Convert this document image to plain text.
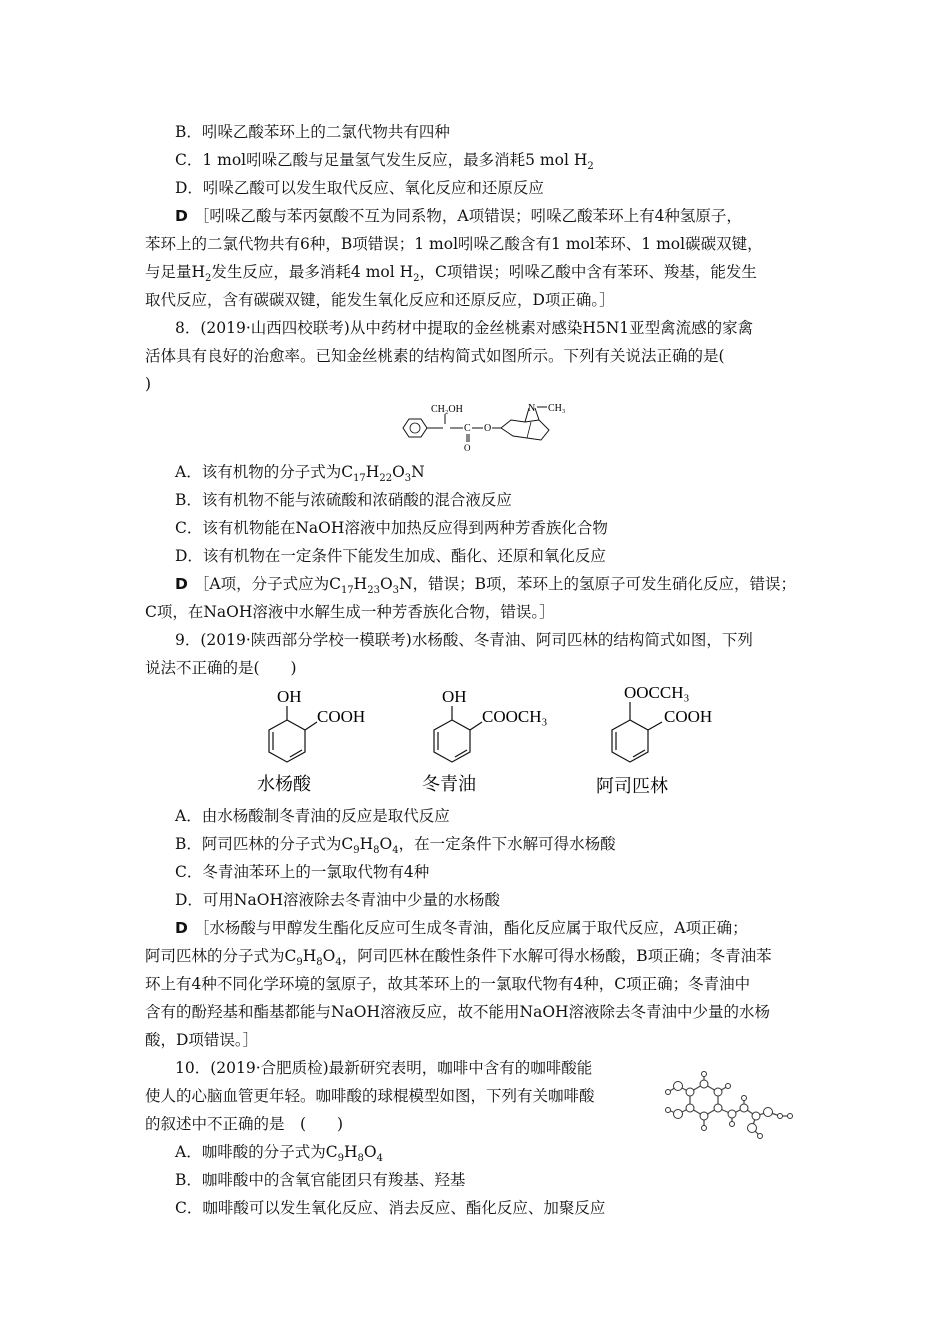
B．吲哚乙酸苯环上的二氯代物共有四种
C．1 mol吲哚乙酸与足量氢气发生反应，最多消耗5 mol $H_2$
D．吲哚乙酸可以发生取代反应、氧化反应和还原反应
D ［吲哚乙酸与苯丙氨酸不互为同系物，A项错误；吲哚乙酸苯环上有4种氢原子，
苯环上的二氯代物共有6种，B项错误；1 mol吲哚乙酸含有1 mol苯环、1 mol碳碳双键，
与足量$H_2$发生反应，最多消耗4 mol $H_2$，C项错误；吲哚乙酸中含有苯环、羧基，能发生
取代反应，含有碳碳双键，能发生氧化反应和还原反应，D项正确。］
8．(2019·山西四校联考)从中药材中提取的金丝桃素对感染H5N1亚型禽流感的家禽
活体具有良好的治愈率。已知金丝桃素的结构简式如图所示。下列有关说法正确的是(
)
CH₂OH
C
O
O
N CH₃
A．该有机物的分子式为$C_{17}H_{22}O_3N$
B．该有机物不能与浓硫酸和浓硝酸的混合液反应
C．该有机物能在NaOH溶液中加热反应得到两种芳香族化合物
D．该有机物在一定条件下能发生加成、酯化、还原和氧化反应
D ［A项，分子式应为$C_{17}H_{23}O_3N$，错误；B项，苯环上的氢原子可发生硝化反应，错误；
C项，在NaOH溶液中水解生成一种芳香族化合物，错误。］
9．(2019·陕西部分学校一模联考)水杨酸、冬青油、阿司匹林的结构简式如图，下列
说法不正确的是(　　)
OH
COOH
水杨酸
OH
COOCH₃
冬青油
OOCCH₃
COOH
阿司匹林
A．由水杨酸制冬青油的反应是取代反应
B．阿司匹林的分子式为$C_9H_8O_4$，在一定条件下水解可得水杨酸
C．冬青油苯环上的一氯取代物有4种
D．可用NaOH溶液除去冬青油中少量的水杨酸
D ［水杨酸与甲醇发生酯化反应可生成冬青油，酯化反应属于取代反应，A项正确；
阿司匹林的分子式为$C_9H_8O_4$，阿司匹林在酸性条件下水解可得水杨酸，B项正确；冬青油苯
环上有4种不同化学环境的氢原子，故其苯环上的一氯取代物有4种，C项正确；冬青油中
含有的酚羟基和酯基都能与NaOH溶液反应，故不能用NaOH溶液除去冬青油中少量的水杨
酸，D项错误。］
10．(2019·合肥质检)最新研究表明，咖啡中含有的咖啡酸能
使人的心脑血管更年轻。咖啡酸的球棍模型如图，下列有关咖啡酸
的叙述中不正确的是　(　　)
A．咖啡酸的分子式为$C_9H_8O_4$
B．咖啡酸中的含氧官能团只有羧基、羟基
C．咖啡酸可以发生氧化反应、消去反应、酯化反应、加聚反应
